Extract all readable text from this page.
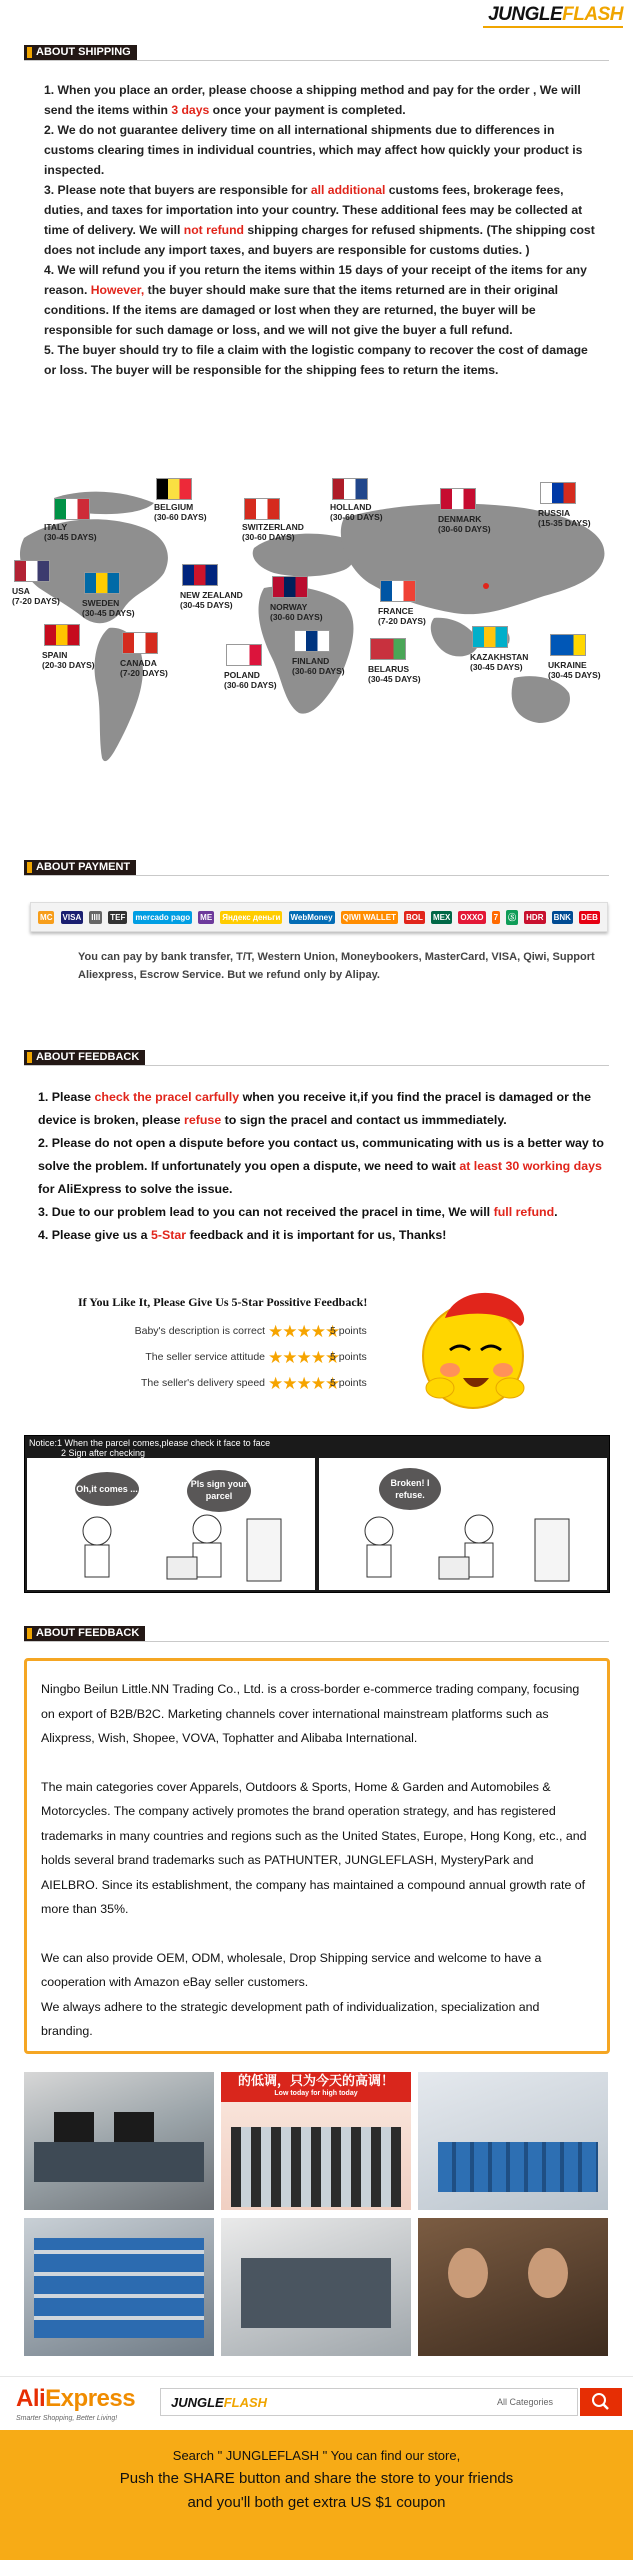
JUNGLEFLASH
ABOUT SHIPPING

1. When you place an order, please choose a shipping method and pay for the order , We will send the items within 3 days once your payment is completed.

2. We do not guarantee delivery time on all international shipments due to differences in customs clearing times in individual countries, which may affect how quickly your product is inspected.

3. Please note that buyers are responsible for all additional customs fees, brokerage fees, duties, and taxes for importation into your country. These additional fees may be collected at time of delivery. We will not refund shipping charges for refused shipments. (The shipping cost does not include any import taxes, and buyers are responsible for customs duties. )

4. We will refund you if you return the items within 15 days of your receipt of the items for any reason. However, the buyer should make sure that the items returned are in their original conditions. If the items are damaged or lost when they are returned, the buyer will be responsible for such damage or loss, and we will not give the buyer a full refund.

5. The buyer should try to file a claim with the logistic company to recover the cost of damage or loss. The buyer will be responsible for the shipping fees to return the items.

ITALY
(30-45 DAYS)
BELGIUM
(30-60 DAYS)
SWITZERLAND
(30-60 DAYS)
HOLLAND
(30-60 DAYS)	DENMARK
(30-60 DAYS)
RUSSIA
(15-35 DAYS)
USA
(7-20 DAYS)	SWEDEN
(30-45 DAYS)
NEW ZEALAND
(30-45 DAYS)	NORWAY
(30-60 DAYS)
FRANCE
(7-20 DAYS)
SPAIN
(20-30 DAYS)	CANADA
(7-20 DAYS)	POLAND
(30-60 DAYS)
FINLAND
(30-60 DAYS)	BELARUS
(30-45 DAYS)
KAZAKHSTAN
(30-45 DAYS)	UKRAINE
(30-45 DAYS)
ABOUT PAYMENT
MC VISA IIII TEF mercado pago ME Яндекс деньги WebMoney QIWI WALLET BOL MEX OXXO 7 Ⓢ HDR BNK DEB
You can pay by bank transfer, T/T, Western Union, Moneybookers, MasterCard, VISA, Qiwi, Support Aliexpress, Escrow Service. But we refund only by Alipay.
ABOUT FEEDBACK

1. Please check the pracel carfully when you receive it,if you find the pracel is damaged or the device is broken, please refuse to sign the pracel and contact us immmediately.

2. Please do not open a dispute before you contact us, communicating with us is a better way to solve the problem. If unfortunately you open a dispute, we need to wait at least 30 working days for AliExpress to solve the issue.

3. Due to our problem lead to you can not received the pracel in time, We will full refund.

4. Please give us a 5-Star feedback and it is important for us, Thanks!

If You Like It, Please Give Us 5-Star Possitive Feedback!
Baby's description is correct ★★★★★
5 points
The seller service attitude ★★★★★
5 points
The seller's delivery speed ★★★★★
5 points
Notice:1 When the parcel comes,please check it face to face
2 Sign after checking
Oh,it comes ...	Pls sign your parcel
Broken! I refuse.
ABOUT FEEDBACK

Ningbo Beilun Little.NN Trading Co., Ltd. is a cross-border e-commerce trading company, focusing on export of B2B/B2C. Marketing channels cover international mainstream platforms such as Alixpress, Wish, Shopee, VOVA, Tophatter and Alibaba International.

The main categories cover Apparels, Outdoors & Sports, Home & Garden and Automobiles & Motorcycles. The company actively promotes the brand operation strategy, and has registered trademarks in many countries and regions such as the United States, Europe, Hong Kong, etc., and holds several brand trademarks such as PATHUNTER, JUNGLEFLASH, MysteryPark and AIELBRO. Since its establishment, the company has maintained a compound annual growth rate of more than 35%.

We can also provide OEM, ODM, wholesale, Drop Shipping service and welcome to have a cooperation with Amazon eBay seller customers.

We always adhere to the strategic development path of individualization, specialization and branding.

的低调，只为今天的高调！
Low today for high today
AliExpress
Smarter Shopping, Better Living!
JUNGLEFLASH	All Categories
Search " JUNGLEFLASH " You can find our store,
Push the SHARE button and share the store to your friends
and you'll both get extra US $1 coupon
